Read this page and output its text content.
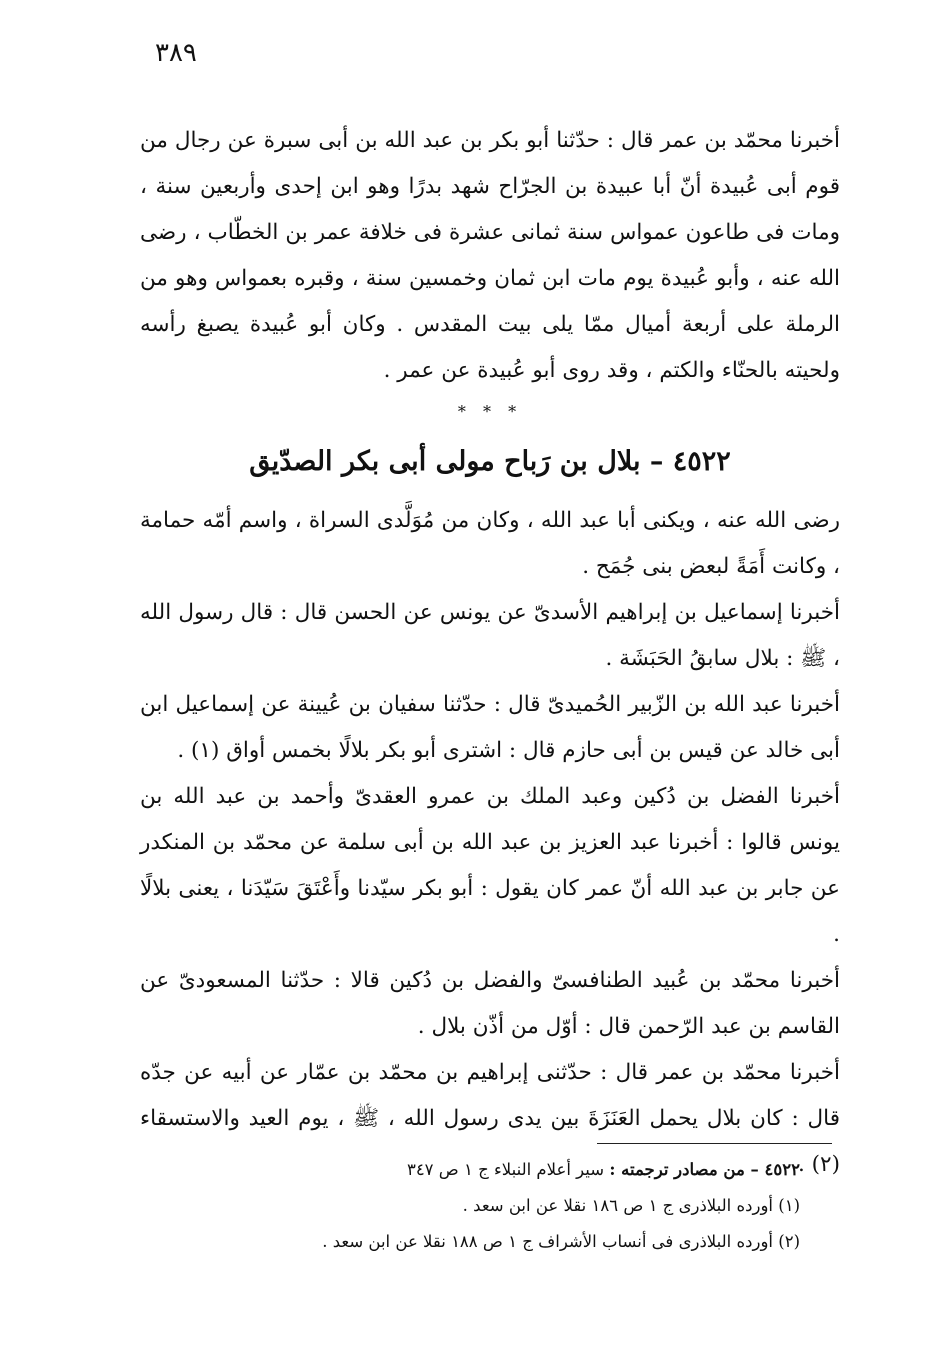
٣٨٩

أخبرنا محمّد بن عمر قال : حدّثنا أبو بكر بن عبد الله بن أبى سبرة عن رجال من قوم أبى عُبيدة أنّ أبا عبيدة بن الجرّاح شهد بدرًا وهو ابن إحدى وأربعين سنة ، ومات فى طاعون عمواس سنة ثمانى عشرة فى خلافة عمر بن الخطّاب ، رضى الله عنه ، وأبو عُبيدة يوم مات ابن ثمان وخمسين سنة ، وقبره بعمواس وهو من الرملة على أربعة أميال ممّا يلى بيت المقدس . وكان أبو عُبيدة يصبغ رأسه ولحيته بالحنّاء والكتم ، وقد روى أبو عُبيدة عن عمر .

* * *
٤٥٢٢ – بلال بن رَباح مولى أبى بكر الصدّيق

رضى الله عنه ، ويكنى أبا عبد الله ، وكان من مُوَلَّدى السراة ، واسم أمّه حمامة ، وكانت أَمَةً لبعض بنى جُمَح .

أخبرنا إسماعيل بن إبراهيم الأسدىّ عن يونس عن الحسن قال : قال رسول الله ، ﷺ : بلال سابقُ الحَبَشَة .

أخبرنا عبد الله بن الزّبير الحُميدىّ قال : حدّثنا سفيان بن عُيينة عن إسماعيل ابن أبى خالد عن قيس بن أبى حازم قال : اشترى أبو بكر بلالًا بخمس أواق (١) .

أخبرنا الفضل بن دُكين وعبد الملك بن عمرو العقدىّ وأحمد بن عبد الله بن يونس قالوا : أخبرنا عبد العزيز بن عبد الله بن أبى سلمة عن محمّد بن المنكدر عن جابر بن عبد الله أنّ عمر كان يقول : أبو بكر سيّدنا وأَعْتَقَ سَيّدَنا ، يعنى بلالًا .

أخبرنا محمّد بن عُبيد الطنافسىّ والفضل بن دُكين قالا : حدّثنا المسعودىّ عن القاسم بن عبد الرّحمن قال : أوّل من أذّن بلال .

أخبرنا محمّد بن عمر قال : حدّثنى إبراهيم بن محمّد بن عمّار عن أبيه عن جدّه قال : كان بلال يحمل العَنَزَةَ بين يدى رسول الله ، ﷺ ، يوم العيد والاستسقاء (٢) .

٤٥٢٢ – من مصادر ترجمته : سير أعلام النبلاء ج ١ ص ٣٤٧

(١) أورده البلاذرى ج ١ ص ١٨٦ نقلا عن ابن سعد .

(٢) أورده البلاذرى فى أنساب الأشراف ج ١ ص ١٨٨ نقلا عن ابن سعد .
